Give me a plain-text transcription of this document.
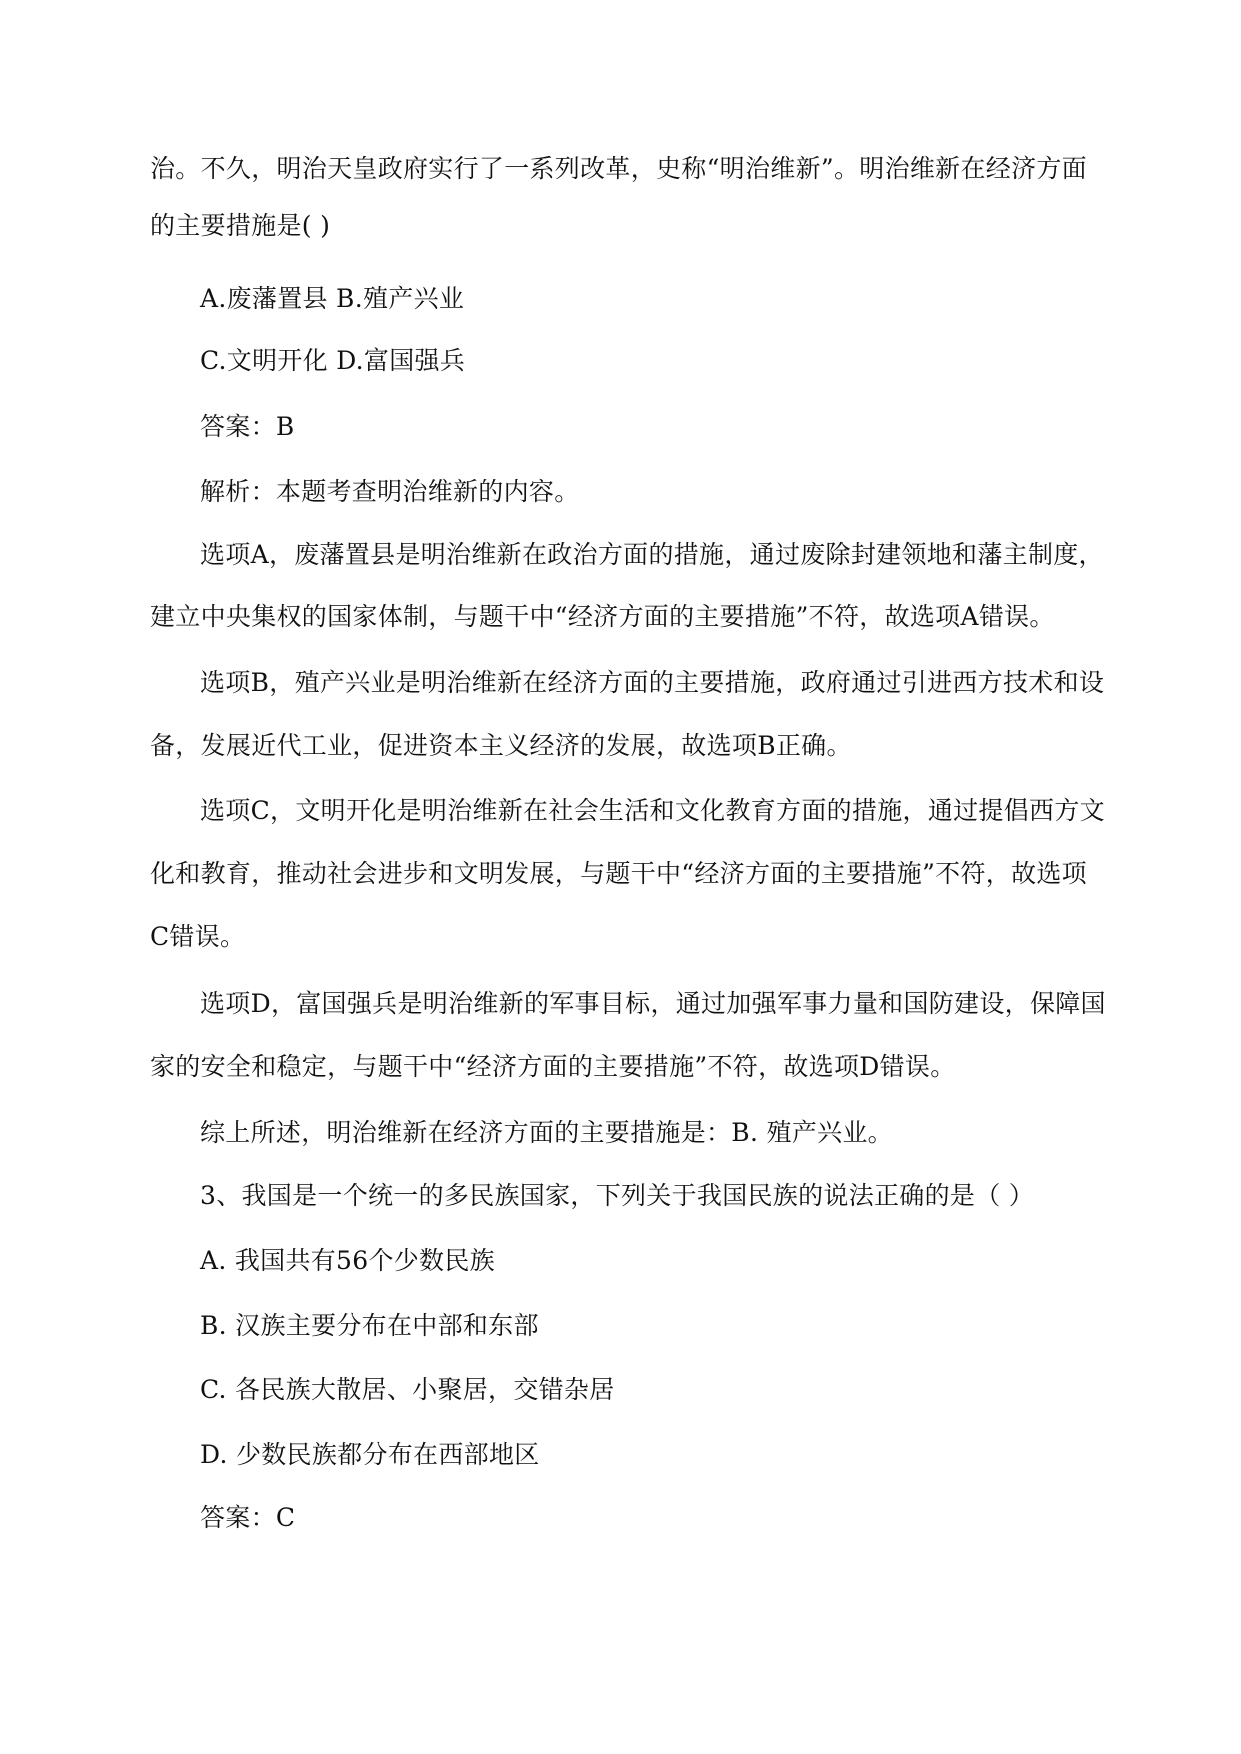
治。不久，明治天皇政府实行了一系列改革，史称“明治维新”。明治维新在经济方面
的主要措施是( )
A.废藩置县 B.殖产兴业
C.文明开化 D.富国强兵
答案：B
解析：本题考查明治维新的内容。
选项A，废藩置县是明治维新在政治方面的措施，通过废除封建领地和藩主制度，
建立中央集权的国家体制，与题干中“经济方面的主要措施”不符，故选项A错误。
选项B，殖产兴业是明治维新在经济方面的主要措施，政府通过引进西方技术和设
备，发展近代工业，促进资本主义经济的发展，故选项B正确。
选项C，文明开化是明治维新在社会生活和文化教育方面的措施，通过提倡西方文
化和教育，推动社会进步和文明发展，与题干中“经济方面的主要措施”不符，故选项
C错误。
选项D，富国强兵是明治维新的军事目标，通过加强军事力量和国防建设，保障国
家的安全和稳定，与题干中“经济方面的主要措施”不符，故选项D错误。
综上所述，明治维新在经济方面的主要措施是：B. 殖产兴业。
3、我国是一个统一的多民族国家，下列关于我国民族的说法正确的是（ ）
A. 我国共有56个少数民族
B. 汉族主要分布在中部和东部
C. 各民族大散居、小聚居，交错杂居
D. 少数民族都分布在西部地区
答案：C
